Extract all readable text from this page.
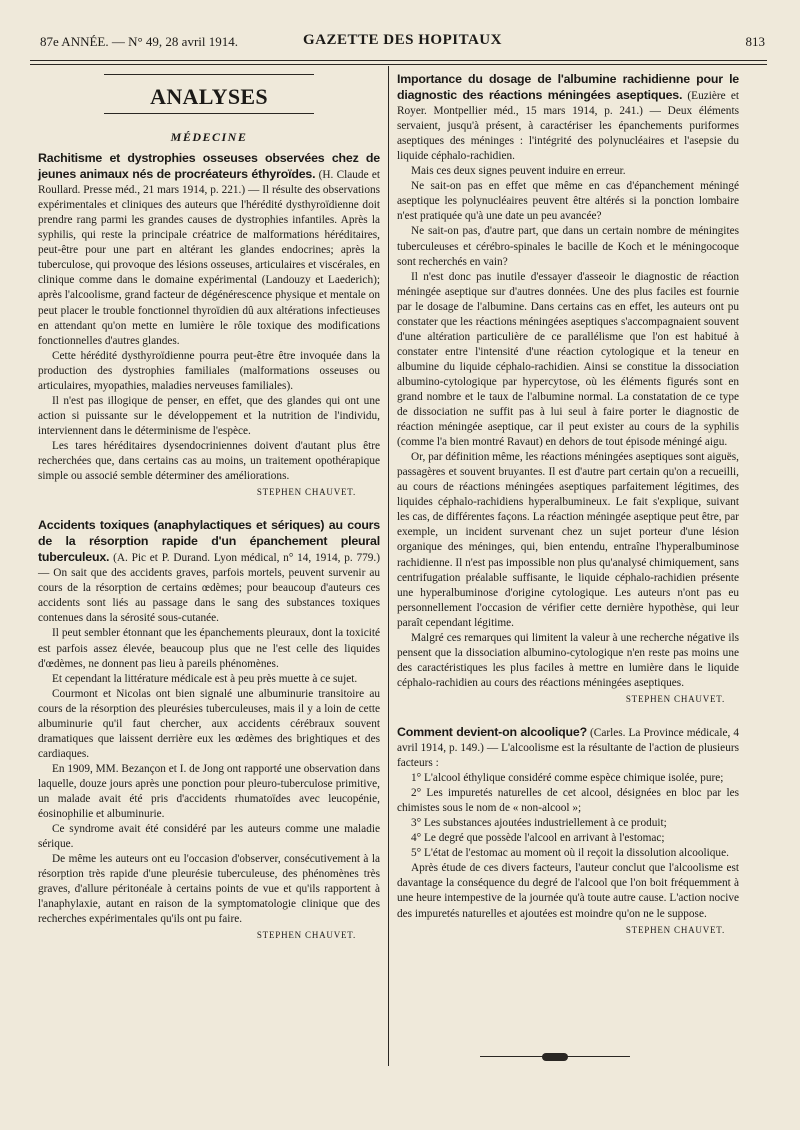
87e ANNÉE. — N° 49, 28 avril 1914.	GAZETTE DES HOPITAUX	813
ANALYSES
MÉDECINE

Rachitisme et dystrophies osseuses observées chez de jeunes animaux nés de procréateurs éthyroïdes. (H. Claude et Roullard. Presse méd., 21 mars 1914, p. 221.) — Il résulte des observations expérimentales et cliniques des auteurs que l'hérédité dysthyroïdienne doit prendre rang parmi les grandes causes de dystrophies infantiles. Après la syphilis, qui reste la principale créatrice de malformations héréditaires, peut-être pour une part en altérant les glandes endocrines; après la tuberculose, qui provoque des lésions osseuses, articulaires et viscérales, en clinique comme dans le domaine expérimental (Landouzy et Laederich); après l'alcoolisme, grand facteur de dégénérescence physique et mentale on peut placer le trouble fonctionnel thyroïdien dû aux altérations infectieuses en attendant qu'on mette en lumière le rôle toxique des modifications fonctionnelles d'autres glandes.

Cette hérédité dysthyroïdienne pourra peut-être être invoquée dans la production des dystrophies familiales (malformations osseuses ou articulaires, myopathies, maladies nerveuses familiales).

Il n'est pas illogique de penser, en effet, que des glandes qui ont une action si puissante sur le développement et la nutrition de l'individu, interviennent dans le déterminisme de l'espèce.

Les tares héréditaires dysendocriniennes doivent d'autant plus être recherchées que, dans certains cas au moins, un traitement opothérapique simple ou associé semble déterminer des améliorations.

STEPHEN CHAUVET.

Accidents toxiques (anaphylactiques et sériques) au cours de la résorption rapide d'un épanchement pleural tuberculeux. (A. Pic et P. Durand. Lyon médical, n° 14, 1914, p. 779.) — On sait que des accidents graves, parfois mortels, peuvent survenir au cours de la résorption de certains œdèmes; pour beaucoup d'auteurs ces accidents sont liés au passage dans le sang des substances toxiques contenues dans la sérosité sous-cutanée.

Il peut sembler étonnant que les épanchements pleuraux, dont la toxicité est parfois assez élevée, beaucoup plus que ne l'est celle des liquides d'œdèmes, ne donnent pas lieu à pareils phénomènes.

Et cependant la littérature médicale est à peu près muette à ce sujet.

Courmont et Nicolas ont bien signalé une albuminurie transitoire au cours de la résorption des pleurésies tuberculeuses, mais il y a loin de cette albuminurie qu'il faut chercher, aux accidents cérébraux souvent dramatiques que laissent derrière eux les œdèmes des brightiques et des cardiaques.

En 1909, MM. Bezançon et I. de Jong ont rapporté une observation dans laquelle, douze jours après une ponction pour pleuro-tuberculose primitive, un malade avait été pris d'accidents rhumatoïdes avec leucopénie, éosinophilie et albuminurie.

Ce syndrome avait été considéré par les auteurs comme une maladie sérique.

De même les auteurs ont eu l'occasion d'observer, consécutivement à la résorption très rapide d'une pleurésie tuberculeuse, des phénomènes très graves, d'allure péritonéale à certains points de vue et qu'ils rapportent à l'anaphylaxie, autant en raison de la symptomatologie clinique que des recherches expérimentales qu'ils ont pu faire.

STEPHEN CHAUVET.

Importance du dosage de l'albumine rachidienne pour le diagnostic des réactions méningées aseptiques. (Euzière et Royer. Montpellier méd., 15 mars 1914, p. 241.) — Deux éléments servaient, jusqu'à présent, à caractériser les épanchements puriformes aseptiques des méninges : l'intégrité des polynucléaires et l'asepsie du liquide céphalo-rachidien.

Mais ces deux signes peuvent induire en erreur.

Ne sait-on pas en effet que même en cas d'épanchement méningé aseptique les polynucléaires peuvent être altérés si la ponction lombaire n'est pratiquée qu'à une date un peu avancée?

Ne sait-on pas, d'autre part, que dans un certain nombre de méningites tuberculeuses et cérébro-spinales le bacille de Koch et le méningocoque sont recherchés en vain?

Il n'est donc pas inutile d'essayer d'asseoir le diagnostic de réaction méningée aseptique sur d'autres données. Une des plus faciles est fournie par le dosage de l'albumine. Dans certains cas en effet, les auteurs ont pu constater que les réactions méningées aseptiques s'accompagnaient souvent d'une altération particulière de ce parallélisme que l'on est habitué à constater entre l'intensité d'une réaction cytologique et la teneur en albumine du liquide céphalo-rachidien. Ainsi se constitue la dissociation albumino-cytologique par hypercytose, où les éléments figurés sont en grand nombre et le taux de l'albumine normal. La constatation de ce type de dissociation ne suffit pas à lui seul à faire porter le diagnostic de réaction méningée aseptique, car il peut exister au cours de la syphilis (comme l'a bien montré Ravaut) en dehors de tout épisode méningé aigu.

Or, par définition même, les réactions méningées aseptiques sont aiguës, passagères et souvent bruyantes. Il est d'autre part certain qu'on a recueilli, au cours de réactions méningées aseptiques parfaitement légitimes, des liquides céphalo-rachidiens hyperalbumineux. Le fait s'explique, suivant les cas, de différentes façons. La réaction méningée aseptique peut être, par exemple, un incident survenant chez un sujet porteur d'une lésion organique des méninges, qui, bien entendu, entraîne l'hyperalbuminose rachidienne. Il n'est pas impossible non plus qu'analysé chimiquement, sans centrifugation préalable suffisante, le liquide céphalo-rachidien présente une hyperalbuminose d'origine cytologique. Les auteurs n'ont pas eu personnellement l'occasion de vérifier cette dernière hypothèse, qui leur paraît cependant légitime.

Malgré ces remarques qui limitent la valeur à une recherche négative ils pensent que la dissociation albumino-cytologique n'en reste pas moins une des caractéristiques les plus faciles à mettre en lumière dans le liquide céphalo-rachidien au cours des réactions méningées aseptiques.

STEPHEN CHAUVET.

Comment devient-on alcoolique? (Carles. La Province médicale, 4 avril 1914, p. 149.) — L'alcoolisme est la résultante de l'action de plusieurs facteurs :

1° L'alcool éthylique considéré comme espèce chimique isolée, pure;

2° Les impuretés naturelles de cet alcool, désignées en bloc par les chimistes sous le nom de « non-alcool »;

3° Les substances ajoutées industriellement à ce produit;

4° Le degré que possède l'alcool en arrivant à l'estomac;

5° L'état de l'estomac au moment où il reçoit la dissolution alcoolique.

Après étude de ces divers facteurs, l'auteur conclut que l'alcoolisme est davantage la conséquence du degré de l'alcool que l'on boit fréquemment à une heure intempestive de la journée qu'à toute autre cause. L'action nocive des impuretés naturelles et ajoutées est moindre qu'on ne le suppose.

STEPHEN CHAUVET.
